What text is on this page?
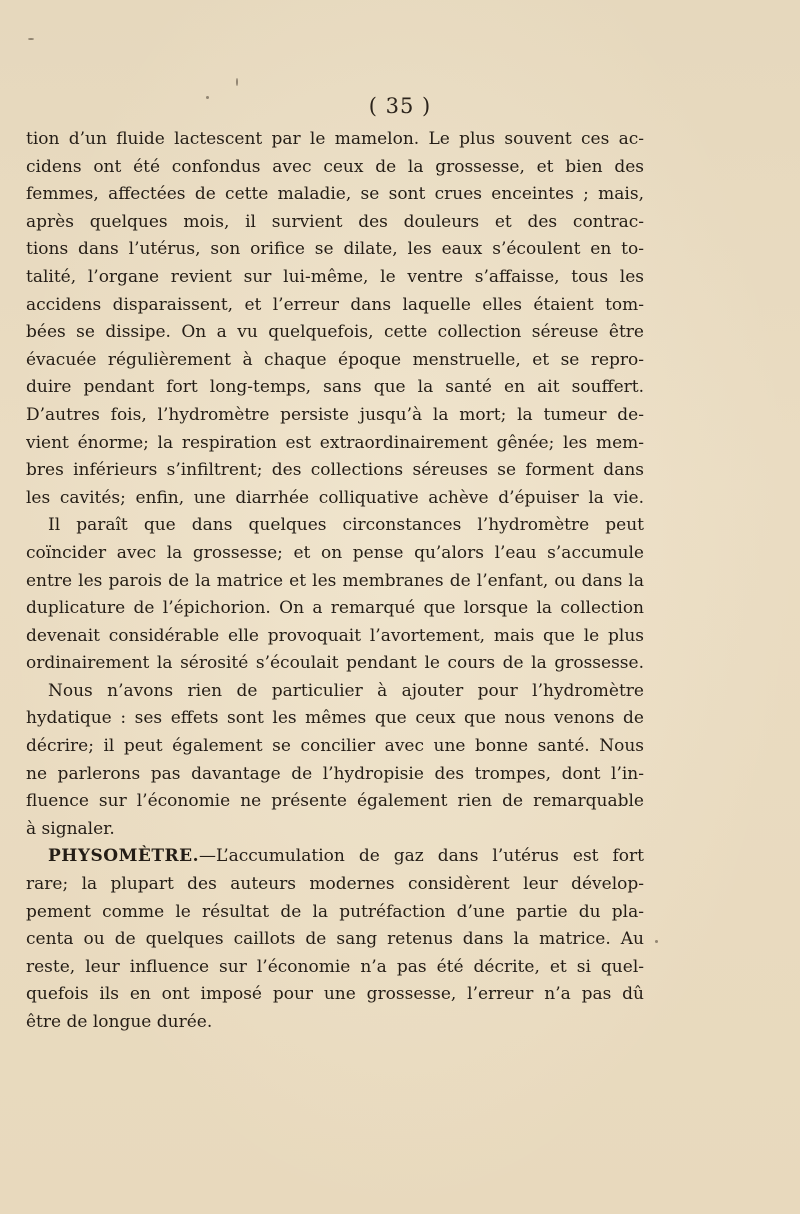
( 35 )
tion d’un fluide lactescent par le mamelon. Le plus souvent ces ac-
cidens ont été confondus avec ceux de la grossesse, et bien des
femmes, affectées de cette maladie, se sont crues enceintes ; mais,
après quelques mois, il survient des douleurs et des contrac-
tions dans l’utérus, son orifice se dilate, les eaux s’écoulent en to-
talité, l’organe revient sur lui-même, le ventre s’affaisse, tous les
accidens disparaissent, et l’erreur dans laquelle elles étaient tom-
bées se dissipe. On a vu quelquefois, cette collection séreuse être
évacuée régulièrement à chaque époque menstruelle, et se repro-
duire pendant fort long-temps, sans que la santé en ait souffert.
D’autres fois, l’hydromètre persiste jusqu’à la mort; la tumeur de-
vient énorme; la respiration est extraordinairement gênée; les mem-
bres inférieurs s’infiltrent; des collections séreuses se forment dans
les cavités; enfin, une diarrhée colliquative achève d’épuiser la vie.
Il paraît que dans quelques circonstances l’hydromètre peut
coïncider avec la grossesse; et on pense qu’alors l’eau s’accumule
entre les parois de la matrice et les membranes de l’enfant, ou dans la
duplicature de l’épichorion. On a remarqué que lorsque la collection
devenait considérable elle provoquait l’avortement, mais que le plus
ordinairement la sérosité s’écoulait pendant le cours de la grossesse.
Nous n’avons rien de particulier à ajouter pour l’hydromètre
hydatique : ses effets sont les mêmes que ceux que nous venons de
décrire; il peut également se concilier avec une bonne santé. Nous
ne parlerons pas davantage de l’hydropisie des trompes, dont l’in-
fluence sur l’économie ne présente également rien de remarquable
à signaler.
PHYSOMÈTRE.—L’accumulation de gaz dans l’utérus est fort
rare; la plupart des auteurs modernes considèrent leur dévelop-
pement comme le résultat de la putréfaction d’une partie du pla-
centa ou de quelques caillots de sang retenus dans la matrice. Au
reste, leur influence sur l’économie n’a pas été décrite, et si quel-
quefois ils en ont imposé pour une grossesse, l’erreur n’a pas dû
être de longue durée.
